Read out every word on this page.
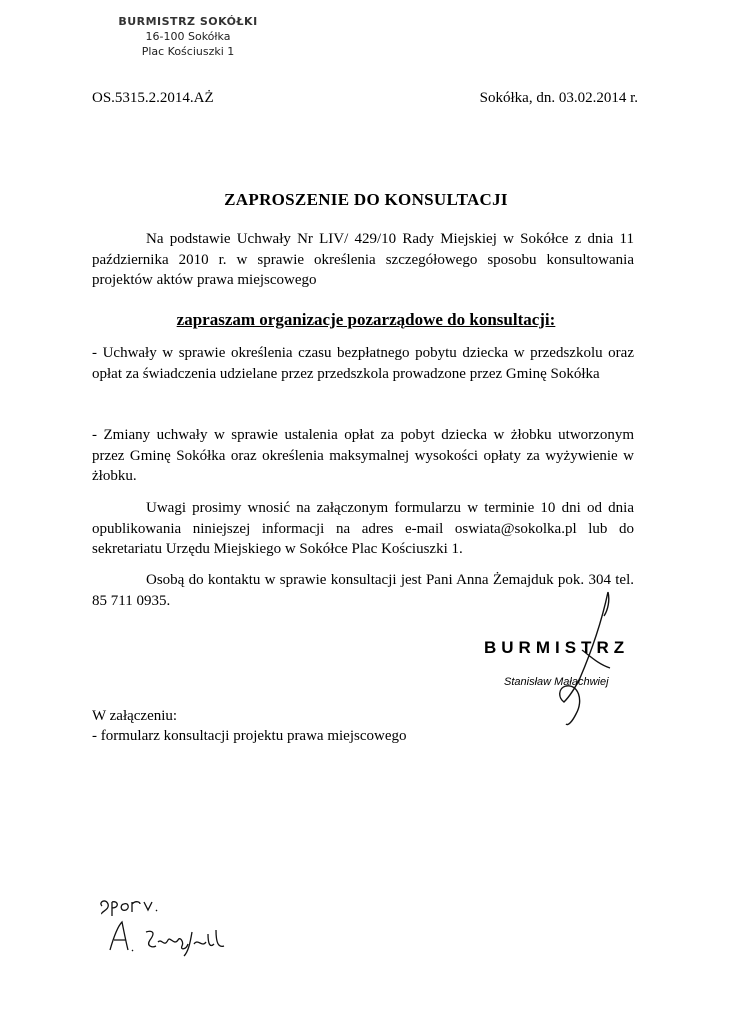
BURMISTRZ SOKÓŁKI
16-100 Sokółka
Plac Kościuszki 1
OS.5315.2.2014.AŻ	Sokółka, dn. 03.02.2014 r.
ZAPROSZENIE DO KONSULTACJI
Na podstawie Uchwały Nr LIV/ 429/10 Rady Miejskiej w Sokółce z dnia 11 października 2010 r. w sprawie określenia szczegółowego sposobu konsultowania projektów aktów prawa miejscowego
zapraszam organizacje pozarządowe do konsultacji:
- Uchwały w sprawie określenia czasu bezpłatnego pobytu dziecka w przedszkolu oraz opłat za świadczenia udzielane przez przedszkola prowadzone przez Gminę Sokółka
- Zmiany uchwały w sprawie ustalenia opłat za pobyt dziecka w żłobku utworzonym przez Gminę Sokółka oraz określenia maksymalnej wysokości opłaty za wyżywienie w żłobku.
Uwagi prosimy wnosić na załączonym formularzu w terminie 10 dni od dnia opublikowania niniejszej informacji na adres e-mail oswiata@sokolka.pl lub do sekretariatu Urzędu Miejskiego w Sokółce Plac Kościuszki 1.
Osobą do kontaktu w sprawie konsultacji jest Pani Anna Żemajduk pok. 304 tel. 85 711 0935.
BURMISTRZ
Stanisław Małachwiej
W załączeniu:
- formularz konsultacji projektu prawa miejscowego
